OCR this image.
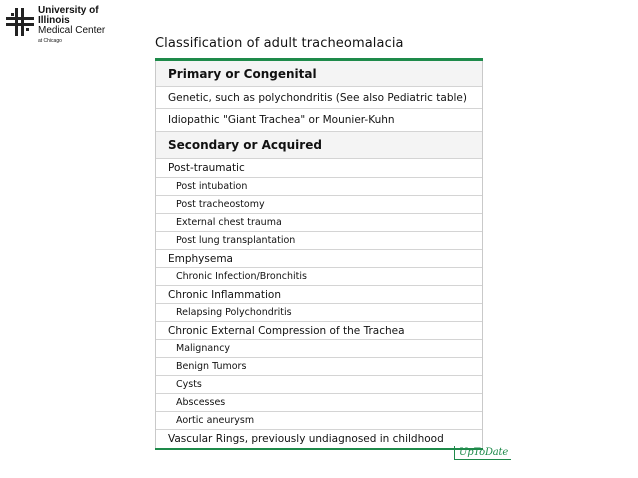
University of
Illinois
Medical Center
at Chicago	Classification of adult tracheomalacia
Primary or Congenital
Genetic, such as polychondritis (See also Pediatric table)
Idiopathic "Giant Trachea" or Mounier-Kuhn
Secondary or Acquired
Post-traumatic
Post intubation
Post tracheostomy
External chest trauma
Post lung transplantation
Emphysema
Chronic Infection/Bronchitis
Chronic Inflammation
Relapsing Polychondritis
Chronic External Compression of the Trachea
Malignancy
Benign Tumors
Cysts
Abscesses
Aortic aneurysm
Vascular Rings, previously undiagnosed in childhood
UpToDate
